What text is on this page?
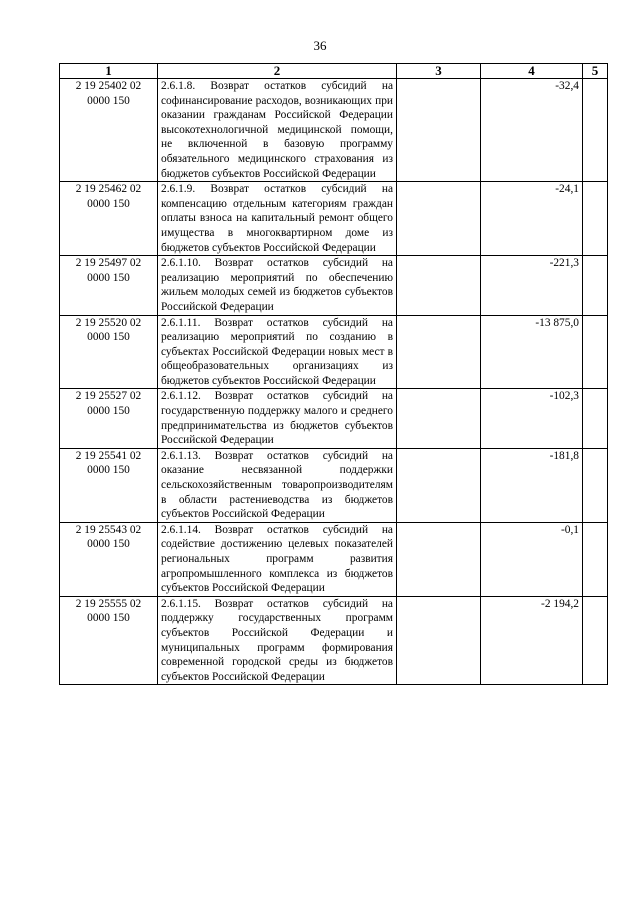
36
1	2	3	4	5
2 19 25402 02 0000 150	2.6.1.8. Возврат остатков субсидий на софинансирование расходов, возникающих при оказании гражданам Российской Федерации высокотехнологичной медицинской помощи, не включенной в базовую программу обязательного медицинского страхования из бюджетов субъектов Российской Федерации		-32,4	
2 19 25462 02 0000 150	2.6.1.9. Возврат остатков субсидий на компенсацию отдельным категориям граждан оплаты взноса на капитальный ремонт общего имущества в многоквартирном доме из бюджетов субъектов Российской Федерации		-24,1	
2 19 25497 02 0000 150	2.6.1.10. Возврат остатков субсидий на реализацию мероприятий по обеспечению жильем молодых семей из бюджетов субъектов Российской Федерации		-221,3	
2 19 25520 02 0000 150	2.6.1.11. Возврат остатков субсидий на реализацию мероприятий по созданию в субъектах Российской Федерации новых мест в общеобразовательных организациях из бюджетов субъектов Российской Федерации		-13 875,0	
2 19 25527 02 0000 150	2.6.1.12. Возврат остатков субсидий на государственную поддержку малого и среднего предпринимательства из бюджетов субъектов Российской Федерации		-102,3	
2 19 25541 02 0000 150	2.6.1.13. Возврат остатков субсидий на оказание несвязанной поддержки сельскохозяйственным товаропроизводителям в области растениеводства из бюджетов субъектов Российской Федерации		-181,8	
2 19 25543 02 0000 150	2.6.1.14. Возврат остатков субсидий на содействие достижению целевых показателей региональных программ развития агропромышленного комплекса из бюджетов субъектов Российской Федерации		-0,1	
2 19 25555 02 0000 150	2.6.1.15. Возврат остатков субсидий на поддержку государственных программ субъектов Российской Федерации и муниципальных программ формирования современной городской среды из бюджетов субъектов Российской Федерации		-2 194,2	
